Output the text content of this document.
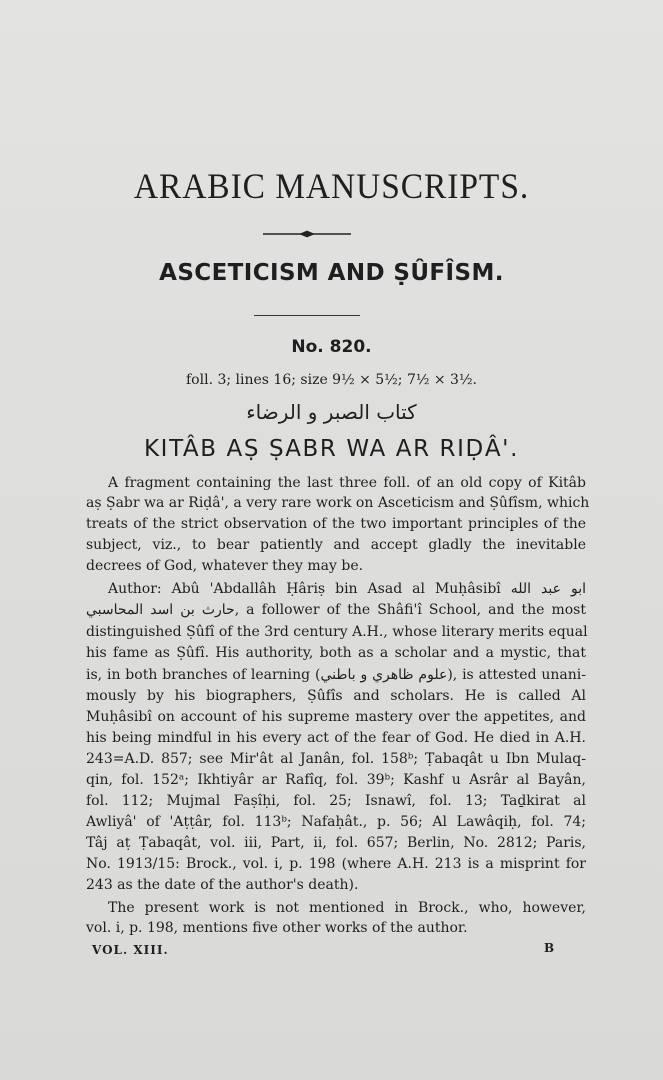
ARABIC MANUSCRIPTS.
ASCETICISM AND ṢÛFÎSM.
No. 820.
foll. 3; lines 16; size 9½ × 5½; 7½ × 3½.
كتاب الصبر و الرضاء
KITÂB AṢ ṢABR WA AR RIḌÂ'.
A fragment containing the last three foll. of an old copy of Kitâb
aṣ Ṣabr wa ar Riḍâ', a very rare work on Asceticism and Ṣûfîsm, which
treats of the strict observation of the two important principles of the
subject, viz., to bear patiently and accept gladly the inevitable
decrees of God, whatever they may be.
Author: Abû 'Abdallâh Ḥâriṣ bin Asad al Muḥâsibî ابو عبد الله
حارث بن اسد المحاسبي, a follower of the Shâfi'î School, and the most
distinguished Ṣûfî of the 3rd century A.H., whose literary merits equal
his fame as Ṣûfî. His authority, both as a scholar and a mystic, that
is, in both branches of learning (علوم ظاهري و باطني), is attested unani-
mously by his biographers, Ṣûfîs and scholars. He is called Al
Muḥâsibî on account of his supreme mastery over the appetites, and
his being mindful in his every act of the fear of God. He died in A.H.
243=A.D. 857; see Mir'ât al Janân, fol. 158ᵇ; Ṭabaqât u Ibn Mulaq-
qin, fol. 152ᵃ; Ikhtiyâr ar Rafîq, fol. 39ᵇ; Kashf u Asrâr al Bayân,
fol. 112; Mujmal Faṣîḥi, fol. 25; Isnawî, fol. 13; Taḏkirat al
Awliyâ' of 'Aṭṭâr, fol. 113ᵇ; Nafaḥât., p. 56; Al Lawâqiḥ, fol. 74;
Tâj aṭ Ṭabaqât, vol. iii, Part, ii, fol. 657; Berlin, No. 2812; Paris,
No. 1913/15: Brock., vol. i, p. 198 (where A.H. 213 is a misprint for
243 as the date of the author's death).
The present work is not mentioned in Brock., who, however,
vol. i, p. 198, mentions five other works of the author.
VOL. XIII.	B
